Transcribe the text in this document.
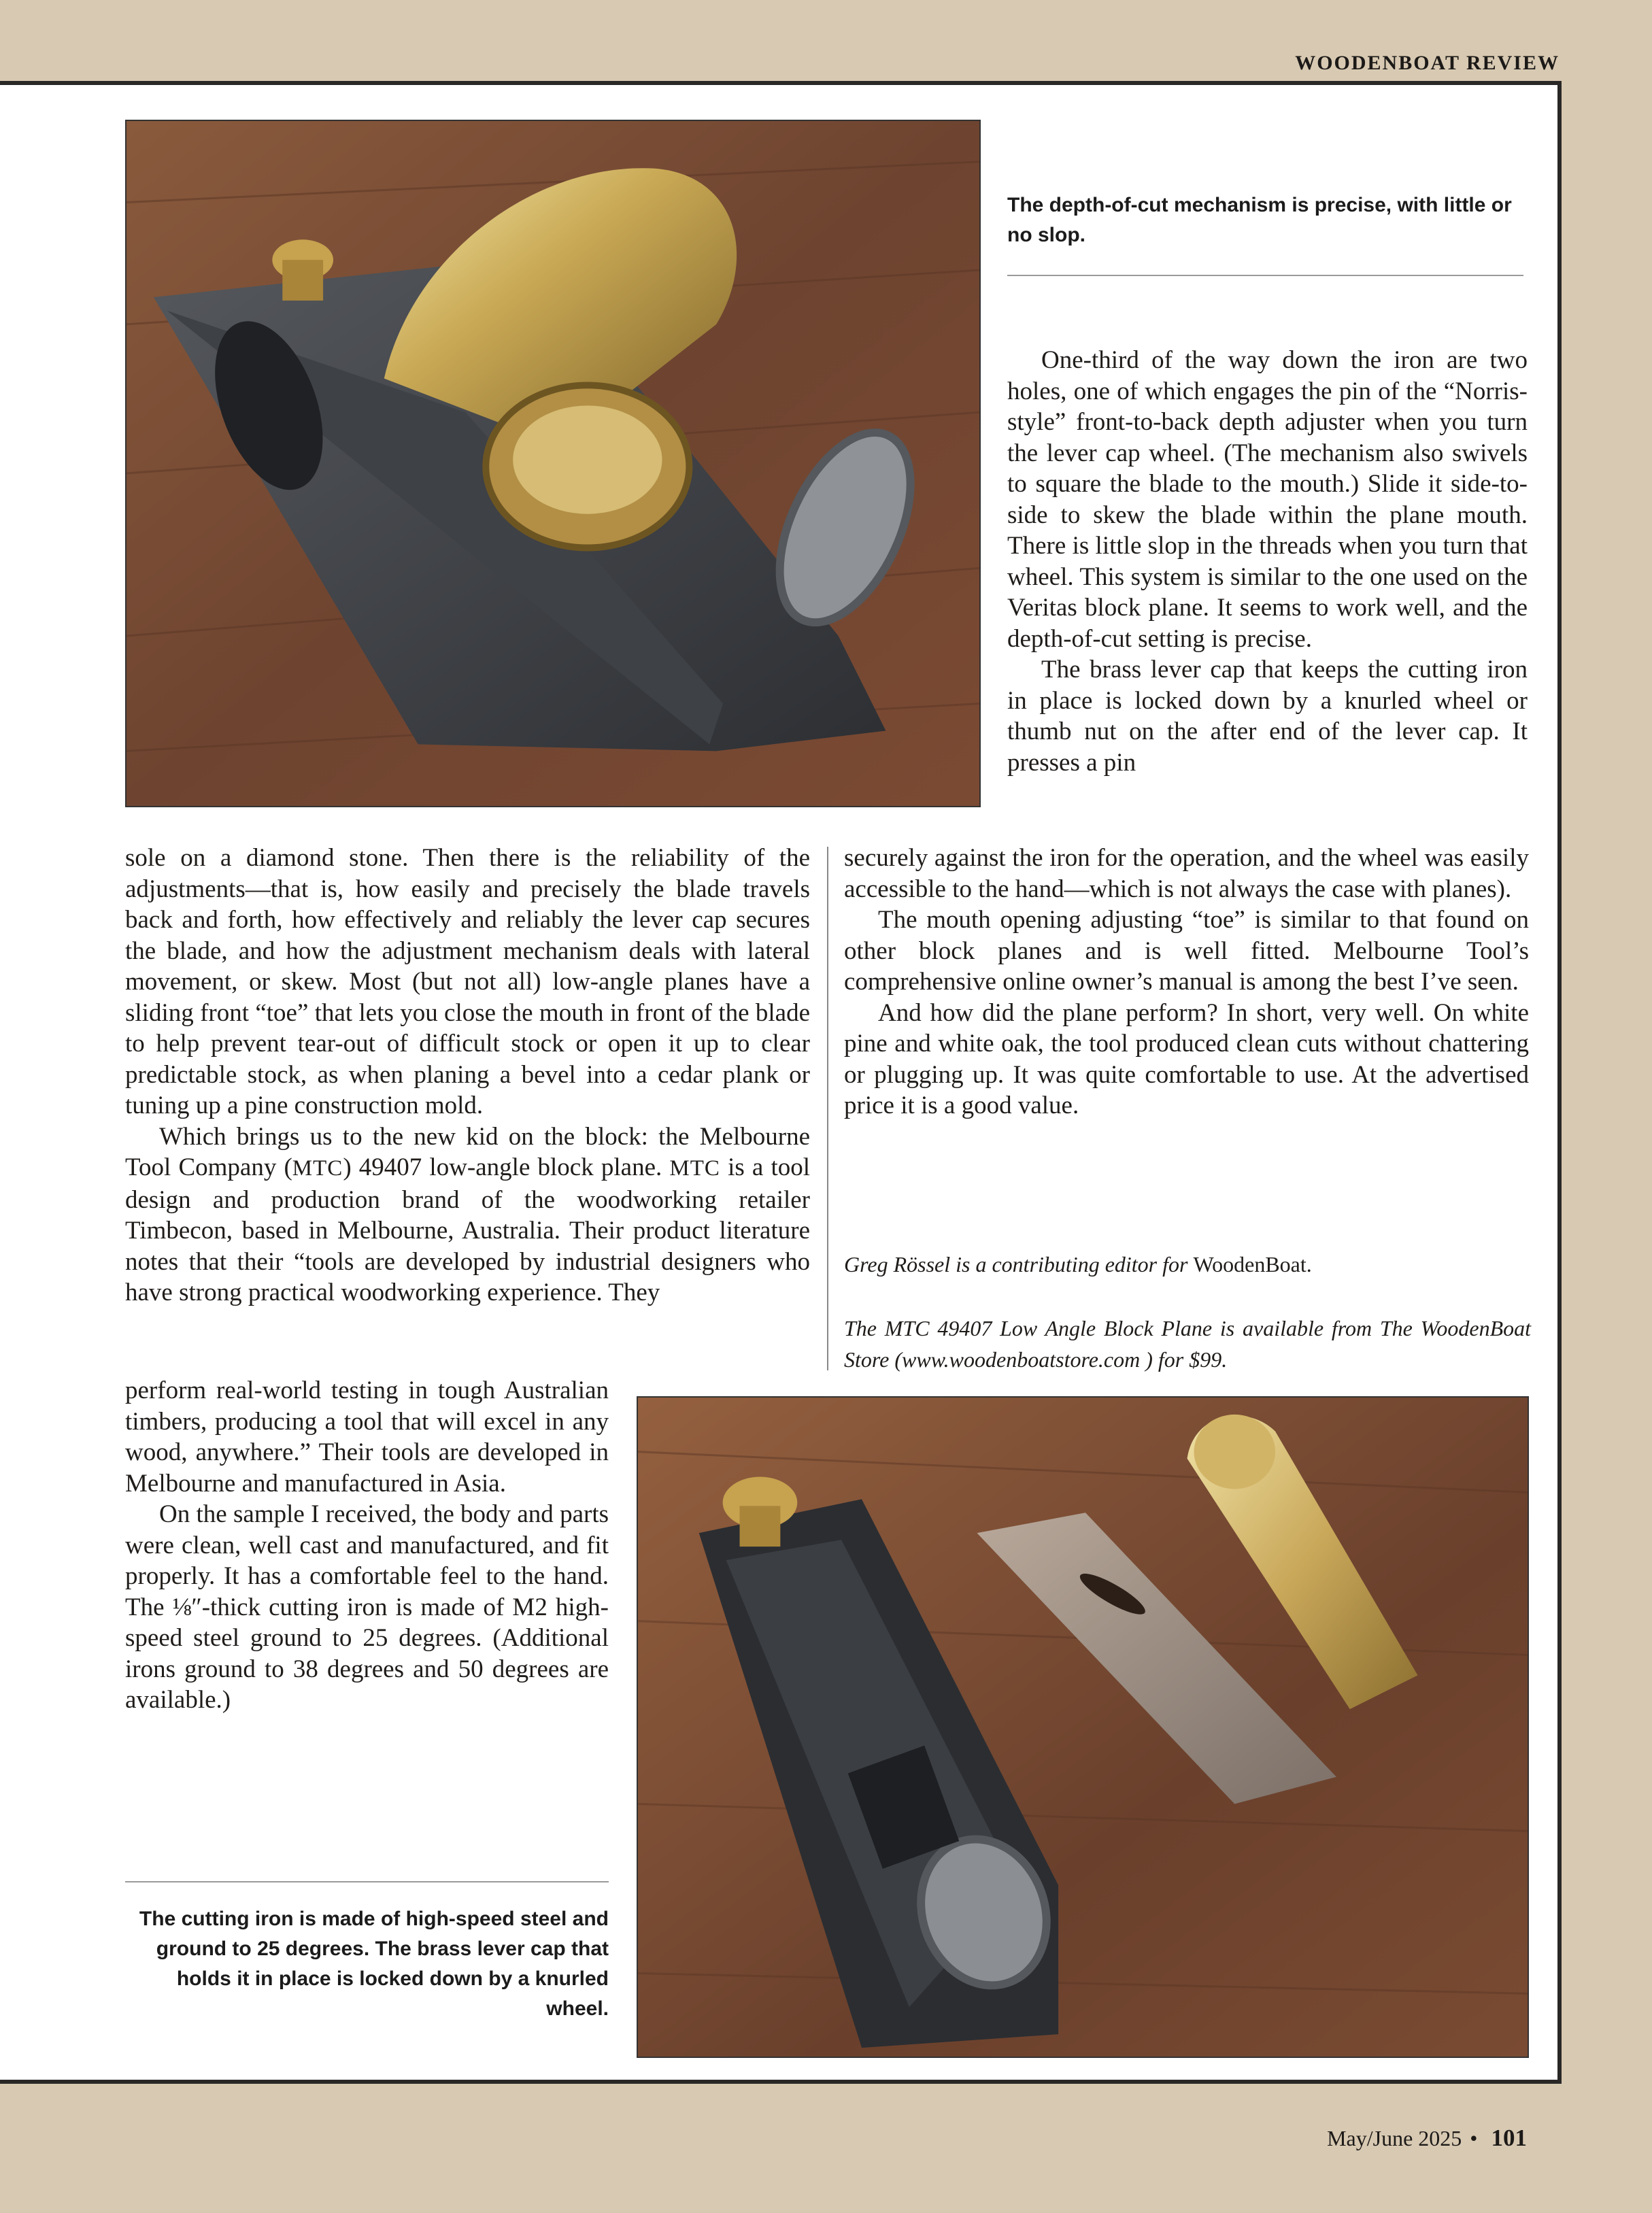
WOODENBOAT REVIEW
The depth-of-cut mechanism is precise, with little or no slop.

One-third of the way down the iron are two holes, one of which engages the pin of the “Norris-style” front-to-back depth adjuster when you turn the lever cap wheel. (The mechanism also swivels to square the blade to the mouth.) Slide it side-to-side to skew the blade within the plane mouth. There is little slop in the threads when you turn that wheel. This system is similar to the one used on the Veritas block plane. It seems to work well, and the depth-of-cut setting is precise.

The brass lever cap that keeps the cutting iron in place is locked down by a knurled wheel or thumb nut on the after end of the lever cap. It presses a pin

sole on a diamond stone. Then there is the reliability of the adjustments—that is, how easily and precisely the blade travels back and forth, how effectively and reliably the lever cap secures the blade, and how the adjustment mechanism deals with lateral movement, or skew. Most (but not all) low-angle planes have a sliding front “toe” that lets you close the mouth in front of the blade to help prevent tear-out of difficult stock or open it up to clear predictable stock, as when planing a bevel into a cedar plank or tuning up a pine construction mold.

Which brings us to the new kid on the block: the Melbourne Tool Company (MTC) 49407 low-angle block plane. MTC is a tool design and production brand of the woodworking retailer Timbecon, based in Melbourne, Australia. Their product literature notes that their “tools are developed by industrial designers who have strong practical woodworking experience. They

securely against the iron for the operation, and the wheel was easily accessible to the hand—which is not always the case with planes).

The mouth opening adjusting “toe” is similar to that found on other block planes and is well fitted. Melbourne Tool’s comprehensive online owner’s manual is among the best I’ve seen.

And how did the plane perform? In short, very well. On white pine and white oak, the tool produced clean cuts without chattering or plugging up. It was quite comfortable to use. At the advertised price it is a good value.

Greg Rössel is a contributing editor for WoodenBoat.
The MTC 49407 Low Angle Block Plane is available from The WoodenBoat Store (www.woodenboatstore.com ) for $99.

perform real-world testing in tough Australian timbers, producing a tool that will excel in any wood, anywhere.” Their tools are developed in Melbourne and manufactured in Asia.

On the sample I received, the body and parts were clean, well cast and manufactured, and fit properly. It has a comfortable feel to the hand. The ⅛″-thick cutting iron is made of M2 high-speed steel ground to 25 degrees. (Additional irons ground to 38 degrees and 50 degrees are available.)

The cutting iron is made of high-speed steel and ground to 25 degrees. The brass lever cap that holds it in place is locked down by a knurled wheel.
May/June 2025 • 101
